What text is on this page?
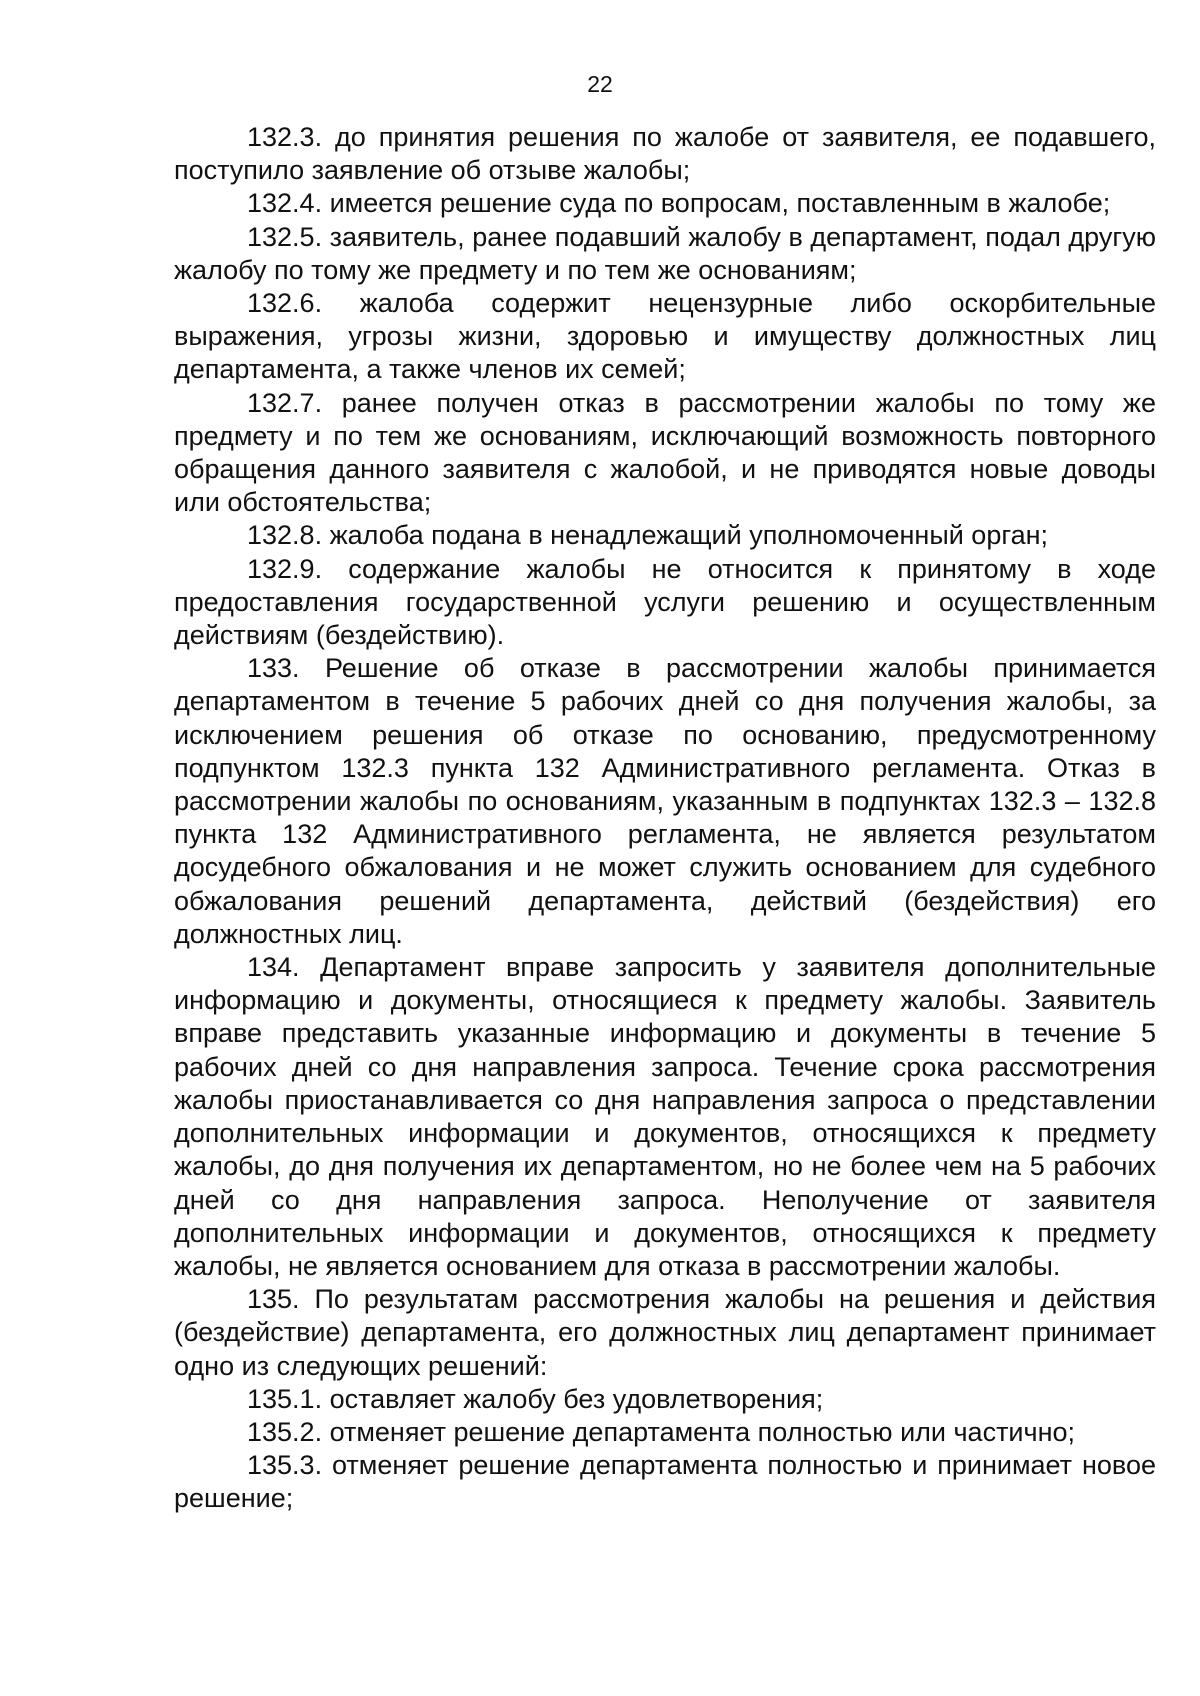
22

132.3. до принятия решения по жалобе от заявителя, ее подавшего, поступило заявление об отзыве жалобы;

132.4. имеется решение суда по вопросам, поставленным в жалобе;

132.5. заявитель, ранее подавший жалобу в департамент, подал другую жалобу по тому же предмету и по тем же основаниям;

132.6. жалоба содержит нецензурные либо оскорбительные выражения, угрозы жизни, здоровью и имуществу должностных лиц департамента, а также членов их семей;

132.7. ранее получен отказ в рассмотрении жалобы по тому же предмету и по тем же основаниям, исключающий возможность повторного обращения данного заявителя с жалобой, и не приводятся новые доводы или обстоятельства;

132.8. жалоба подана в ненадлежащий уполномоченный орган;

132.9. содержание жалобы не относится к принятому в ходе предоставления государственной услуги решению и осуществленным действиям (бездействию).

133. Решение об отказе в рассмотрении жалобы принимается департаментом в течение 5 рабочих дней со дня получения жалобы, за исключением решения об отказе по основанию, предусмотренному подпунктом 132.3 пункта 132 Административного регламента. Отказ в рассмотрении жалобы по основаниям, указанным в подпунктах 132.3 – 132.8 пункта 132 Административного регламента, не является результатом досудебного обжалования и не может служить основанием для судебного обжалования решений департамента, действий (бездействия) его должностных лиц.

134. Департамент вправе запросить у заявителя дополнительные информацию и документы, относящиеся к предмету жалобы. Заявитель вправе представить указанные информацию и документы в течение 5 рабочих дней со дня направления запроса. Течение срока рассмотрения жалобы приостанавливается со дня направления запроса о представлении дополнительных информации и документов, относящихся к предмету жалобы, до дня получения их департаментом, но не более чем на 5 рабочих дней со дня направления запроса. Неполучение от заявителя дополнительных информации и документов, относящихся к предмету жалобы, не является основанием для отказа в рассмотрении жалобы.

135. По результатам рассмотрения жалобы на решения и действия (бездействие) департамента, его должностных лиц департамент принимает одно из следующих решений:

135.1. оставляет жалобу без удовлетворения;

135.2. отменяет решение департамента полностью или частично;

135.3. отменяет решение департамента полностью и принимает новое решение;
